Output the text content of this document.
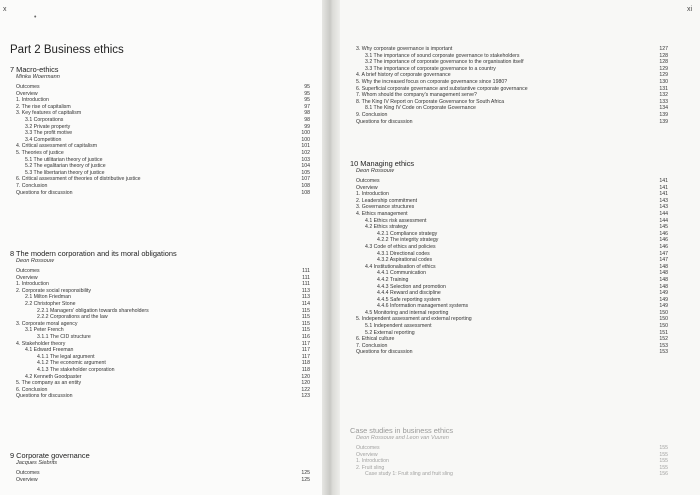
x
•
Part 2 Business ethics
7 Macro-ethics
Minka Woermann
Outcomes	95
Overview	95
1. Introduction	95
2. The rise of capitalism	97
3. Key features of capitalism	98
3.1 Corporations	98
3.2 Private property	99
3.3 The profit motive	100
3.4 Competition	100
4. Critical assessment of capitalism	101
5. Theories of justice	102
5.1 The utilitarian theory of justice	103
5.2 The egalitarian theory of justice	104
5.3 The libertarian theory of justice	105
6. Critical assessment of theories of distributive justice	107
7. Conclusion	108
Questions for discussion	108
8 The modern corporation and its moral obligations
Deon Rossouw
Outcomes	111
Overview	111
1. Introduction	111
2. Corporate social responsibility	113
2.1 Milton Friedman	113
2.2 Christopher Stone	114
2.2.1 Managers' obligation towards shareholders	115
2.2.2 Corporations and the law	115
3. Corporate moral agency	115
3.1 Peter French	115
3.1.1 The CID structure	116
4. Stakeholder theory	117
4.1 Edward Freeman	117
4.1.1 The legal argument	117
4.1.2 The economic argument	118
4.1.3 The stakeholder corporation	118
4.2 Kenneth Goodpaster	120
5. The company as an entity	120
6. Conclusion	122
Questions for discussion	123
9 Corporate governance
Jacques Siebrits
Outcomes	125
Overview	125
xi
3. Why corporate governance is important	127
3.1 The importance of sound corporate governance to stakeholders	128
3.2 The importance of corporate governance to the organisation itself	128
3.3 The importance of corporate governance to a country	129
4. A brief history of corporate governance	129
5. Why the increased focus on corporate governance since 1980?	130
6. Superficial corporate governance and substantive corporate governance	131
7. Whom should the company's management serve?	132
8. The King IV Report on Corporate Governance for South Africa	133
8.1 The King IV Code on Corporate Governance	134
9. Conclusion	139
Questions for discussion	139
10 Managing ethics
Deon Rossouw
Outcomes	141
Overview	141
1. Introduction	141
2. Leadership commitment	143
3. Governance structures	143
4. Ethics management	144
4.1 Ethics risk assessment	144
4.2 Ethics strategy	145
4.2.1 Compliance strategy	146
4.2.2 The integrity strategy	146
4.3 Code of ethics and policies	146
4.3.1 Directional codes	147
4.3.2 Aspirational codes	147
4.4 Institutionalisation of ethics	148
4.4.1 Communication	148
4.4.2 Training	148
4.4.3 Selection and promotion	148
4.4.4 Reward and discipline	149
4.4.5 Safe reporting system	149
4.4.6 Information management systems	149
4.5 Monitoring and internal reporting	150
5. Independent assessment and external reporting	150
5.1 Independent assessment	150
5.2 External reporting	151
6. Ethical culture	152
7. Conclusion	153
Questions for discussion	153
Case studies in business ethics
Deon Rossouw and Leon van Vuuren
Outcomes	155
Overview	155
1. Introduction	155
2. Fruit sling	155
Case study 1: Fruit sling and fruit sling	156
